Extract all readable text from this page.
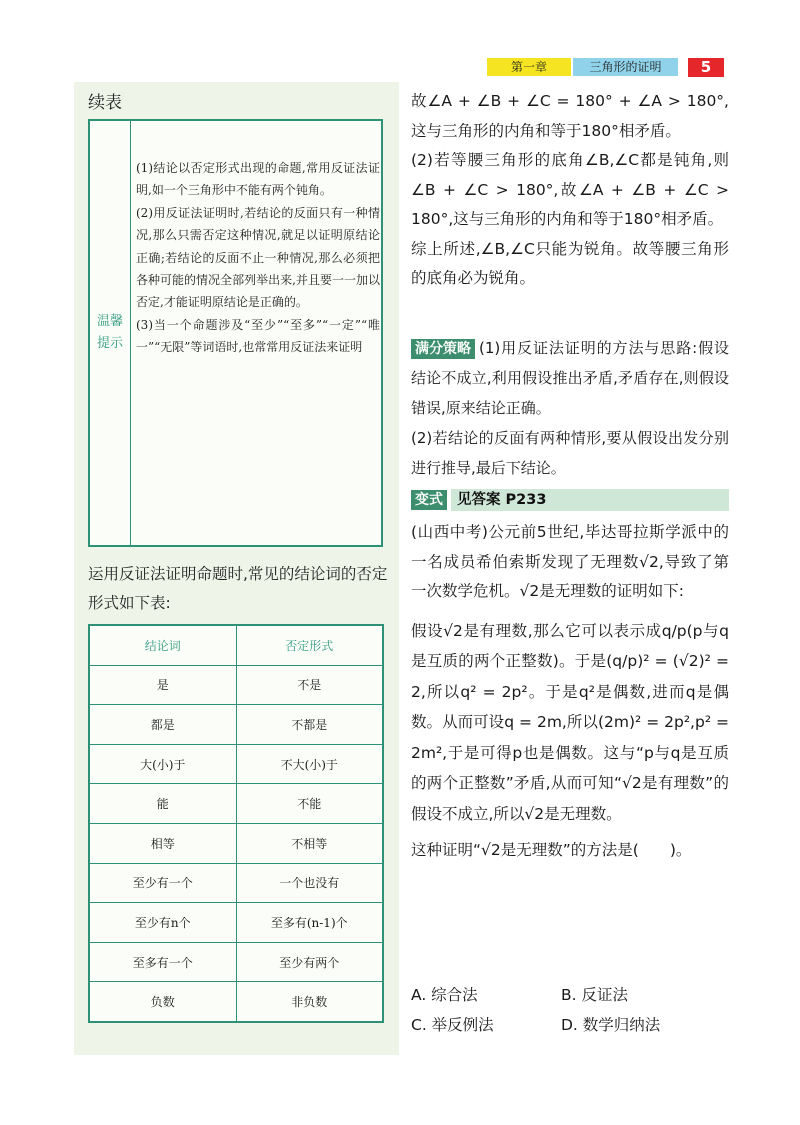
第一章	三角形的证明	5
续表
温馨
提示

(1)结论以否定形式出现的命题,常用反证法证明,如一个三角形中不能有两个钝角。

(2)用反证法证明时,若结论的反面只有一种情况,那么只需否定这种情况,就足以证明原结论正确;若结论的反面不止一种情况,那么必须把各种可能的情况全部列举出来,并且要一一加以否定,才能证明原结论是正确的。

(3)当一个命题涉及“至少”“至多”“一定”“唯一”“无限”等词语时,也常常用反证法来证明

运用反证法证明命题时,常见的结论词的否定形式如下表:
结论词	否定形式
是	不是
都是	不都是
大(小)于	不大(小)于
能	不能
相等	不相等
至少有一个	一个也没有
至少有n个	至多有(n-1)个
至多有一个	至少有两个
负数	非负数

故∠A + ∠B + ∠C = 180° + ∠A > 180°,这与三角形的内角和等于180°相矛盾。

(2)若等腰三角形的底角∠B,∠C都是钝角,则∠B + ∠C > 180°,故∠A + ∠B + ∠C > 180°,这与三角形的内角和等于180°相矛盾。

综上所述,∠B,∠C只能为锐角。故等腰三角形的底角必为锐角。

满分策略 (1)用反证法证明的方法与思路:假设结论不成立,利用假设推出矛盾,矛盾存在,则假设错误,原来结论正确。

(2)若结论的反面有两种情形,要从假设出发分别进行推导,最后下结论。

变式 见答案 P233

(山西中考)公元前5世纪,毕达哥拉斯学派中的一名成员希伯索斯发现了无理数√2,导致了第一次数学危机。√2是无理数的证明如下:

假设√2是有理数,那么它可以表示成q/p(p与q是互质的两个正整数)。于是(q/p)² = (√2)² = 2,所以q² = 2p²。于是q²是偶数,进而q是偶数。从而可设q = 2m,所以(2m)² = 2p²,p² = 2m²,于是可得p也是偶数。这与“p与q是互质的两个正整数”矛盾,从而可知“√2是有理数”的假设不成立,所以√2是无理数。

这种证明“√2是无理数”的方法是(　　)。

A. 综合法	B. 反证法
C. 举反例法	D. 数学归纳法
